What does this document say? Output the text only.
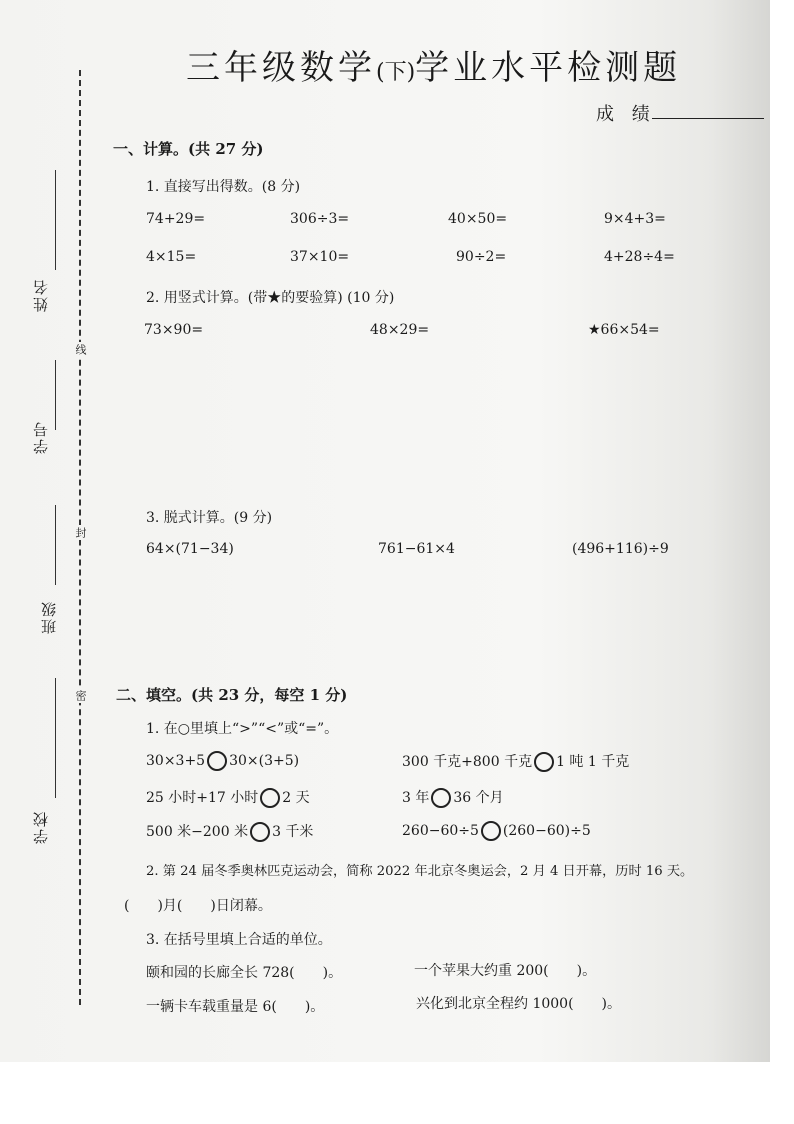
三年级数学(下)学业水平检测题
成 绩
姓名
学号
班级
学校
线
封
密
一、计算。(共 27 分)
1. 直接写出得数。(8 分)
74+29=	306÷3=	40×50=	9×4+3=
4×15=	37×10=	90÷2=	4+28÷4=
2. 用竖式计算。(带★的要验算) (10 分)
73×90=	48×29=	★66×54=
3. 脱式计算。(9 分)
64×(71−34)	761−61×4	(496+116)÷9
二、填空。(共 23 分，每空 1 分)
1. 在○里填上“>”“<”或“=”。
30×3+5 30×(3+5)	300 千克+800 千克 1 吨 1 千克
25 小时+17 小时 2 天	3 年 36 个月
500 米−200 米 3 千米	260−60÷5 (260−60)÷5
2. 第 24 届冬季奥林匹克运动会，简称 2022 年北京冬奥运会，2 月 4 日开幕，历时 16 天。
(　　)月(　　)日闭幕。
3. 在括号里填上合适的单位。
颐和园的长廊全长 728(　　)。	一个苹果大约重 200(　　)。
一辆卡车载重量是 6(　　)。	兴化到北京全程约 1000(　　)。
